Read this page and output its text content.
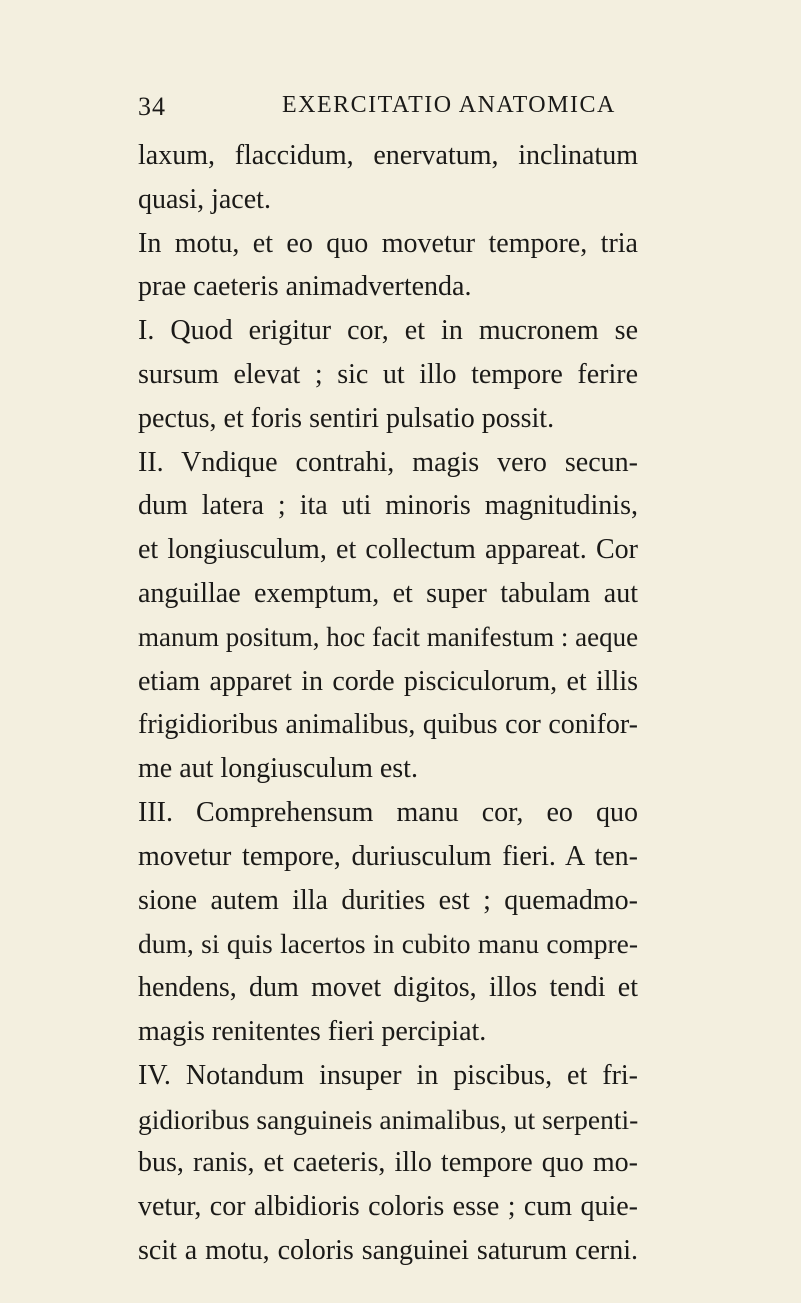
34	EXERCITATIO ANATOMICA
laxum, flaccidum, enervatum, inclinatum
quasi, jacet.
In motu, et eo quo movetur tempore, tria
prae caeteris animadvertenda.
I. Quod erigitur cor, et in mucronem se
sursum elevat ; sic ut illo tempore ferire
pectus, et foris sentiri pulsatio possit.
II. Vndique contrahi, magis vero secun-
dum latera ; ita uti minoris magnitudinis,
et longiusculum, et collectum appareat. Cor
anguillae exemptum, et super tabulam aut
manum positum, hoc facit manifestum : aeque
etiam apparet in corde pisciculorum, et illis
frigidioribus animalibus, quibus cor conifor-
me aut longiusculum est.
III. Comprehensum manu cor, eo quo
movetur tempore, duriusculum fieri. A ten-
sione autem illa durities est ; quemadmo-
dum, si quis lacertos in cubito manu compre-
hendens, dum movet digitos, illos tendi et
magis renitentes fieri percipiat.
IV. Notandum insuper in piscibus, et fri-
gidioribus sanguineis animalibus, ut serpenti-
bus, ranis, et caeteris, illo tempore quo mo-
vetur, cor albidioris coloris esse ; cum quie-
scit a motu, coloris sanguinei saturum cerni.
